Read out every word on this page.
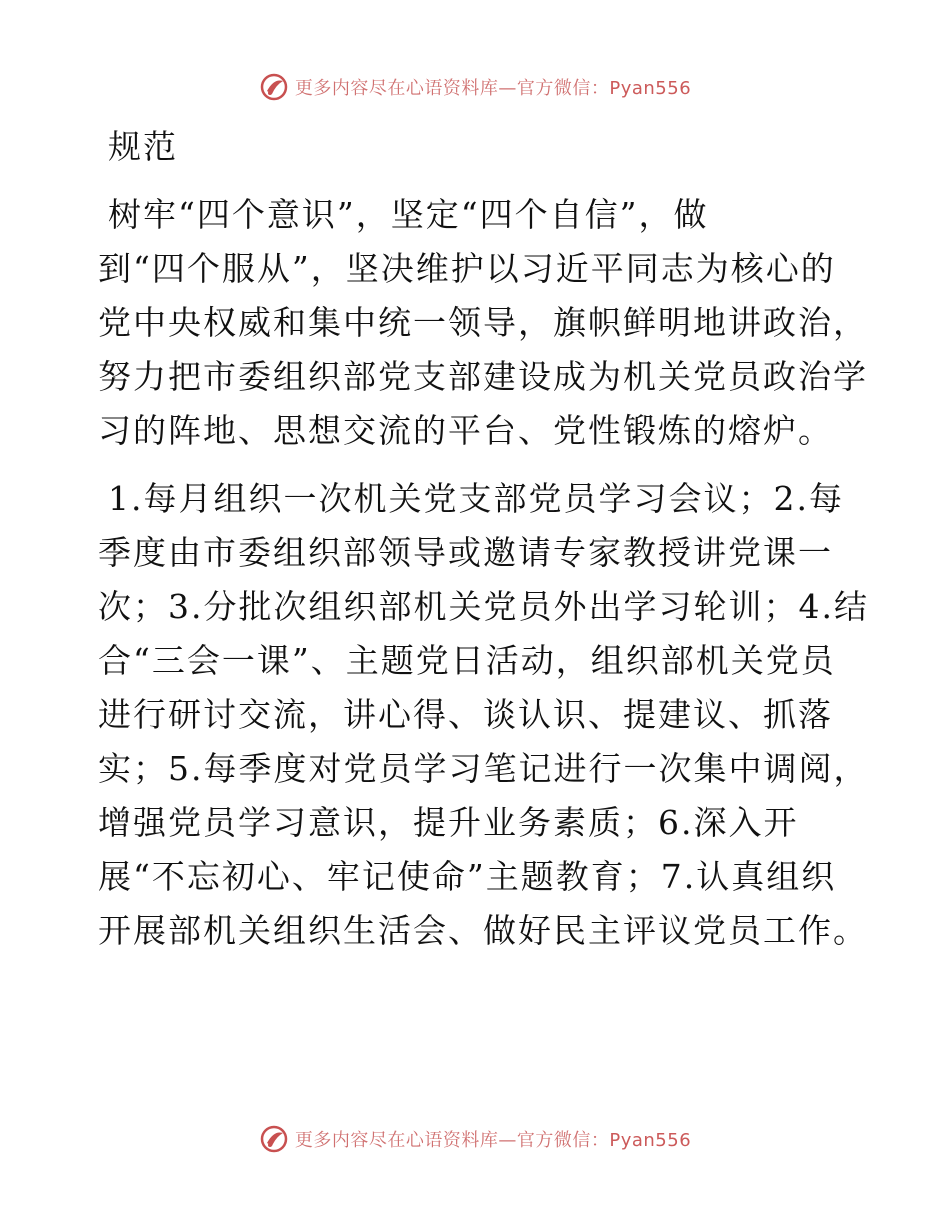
更多内容尽在心语资料库—官方微信：Pyan556

规范

树牢“四个意识”，坚定“四个自信”，做
到“四个服从”，坚决维护以习近平同志为核心的
党中央权威和集中统一领导，旗帜鲜明地讲政治，
努力把市委组织部党支部建设成为机关党员政治学
习的阵地、思想交流的平台、党性锻炼的熔炉。

1.每月组织一次机关党支部党员学习会议；2.每
季度由市委组织部领导或邀请专家教授讲党课一
次；3.分批次组织部机关党员外出学习轮训；4.结
合“三会一课”、主题党日活动，组织部机关党员
进行研讨交流，讲心得、谈认识、提建议、抓落
实；5.每季度对党员学习笔记进行一次集中调阅，
增强党员学习意识，提升业务素质；6.深入开
展“不忘初心、牢记使命”主题教育；7.认真组织
开展部机关组织生活会、做好民主评议党员工作。

更多内容尽在心语资料库—官方微信：Pyan556
